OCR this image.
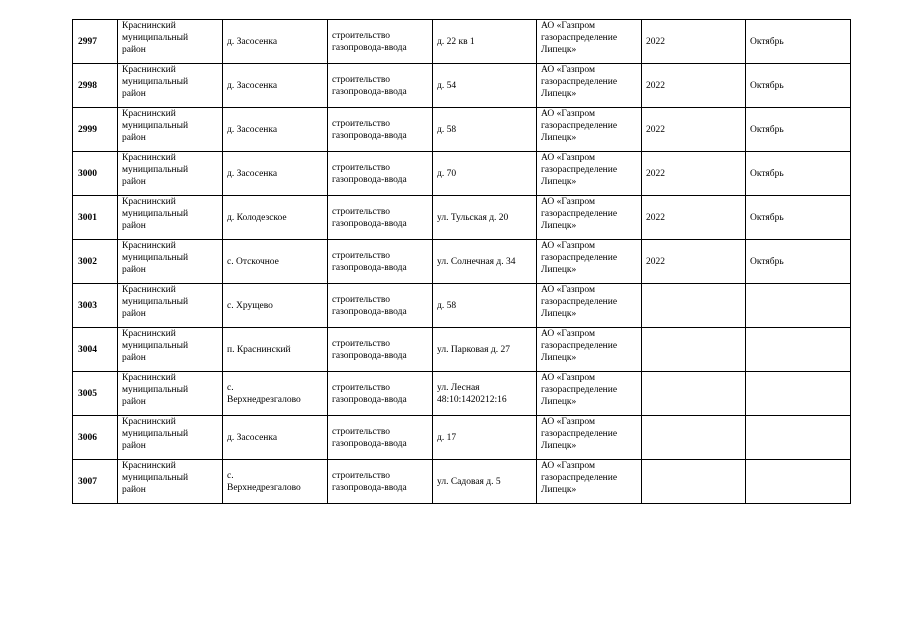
2997	Краснинский
муниципальный
район	д. Засосенка	строительство
газопровода-ввода	д. 22 кв 1	АО «Газпром
газораспределение
Липецк»	2022	Октябрь
2998	Краснинский
муниципальный
район	д. Засосенка	строительство
газопровода-ввода	д. 54	АО «Газпром
газораспределение
Липецк»	2022	Октябрь
2999	Краснинский
муниципальный
район	д. Засосенка	строительство
газопровода-ввода	д. 58	АО «Газпром
газораспределение
Липецк»	2022	Октябрь
3000	Краснинский
муниципальный
район	д. Засосенка	строительство
газопровода-ввода	д. 70	АО «Газпром
газораспределение
Липецк»	2022	Октябрь
3001	Краснинский
муниципальный
район	д. Колодезское	строительство
газопровода-ввода	ул. Тульская д. 20	АО «Газпром
газораспределение
Липецк»	2022	Октябрь
3002	Краснинский
муниципальный
район	с. Отскочное	строительство
газопровода-ввода	ул. Солнечная д. 34	АО «Газпром
газораспределение
Липецк»	2022	Октябрь
3003	Краснинский
муниципальный
район	с. Хрущево	строительство
газопровода-ввода	д. 58	АО «Газпром
газораспределение
Липецк»		

3004	Краснинский
муниципальный
район	п. Краснинский	строительство
газопровода-ввода	ул. Парковая д. 27	АО «Газпром
газораспределение
Липецк»		

3005	Краснинский
муниципальный
район	с.
Верхнедрезгалово	строительство
газопровода-ввода	ул. Лесная
48:10:1420212:16	АО «Газпром
газораспределение
Липецк»		

3006	Краснинский
муниципальный
район	д. Засосенка	строительство
газопровода-ввода	д. 17	АО «Газпром
газораспределение
Липецк»		

3007	Краснинский
муниципальный
район	с.
Верхнедрезгалово	строительство
газопровода-ввода	ул. Садовая д. 5	АО «Газпром
газораспределение
Липецк»		
